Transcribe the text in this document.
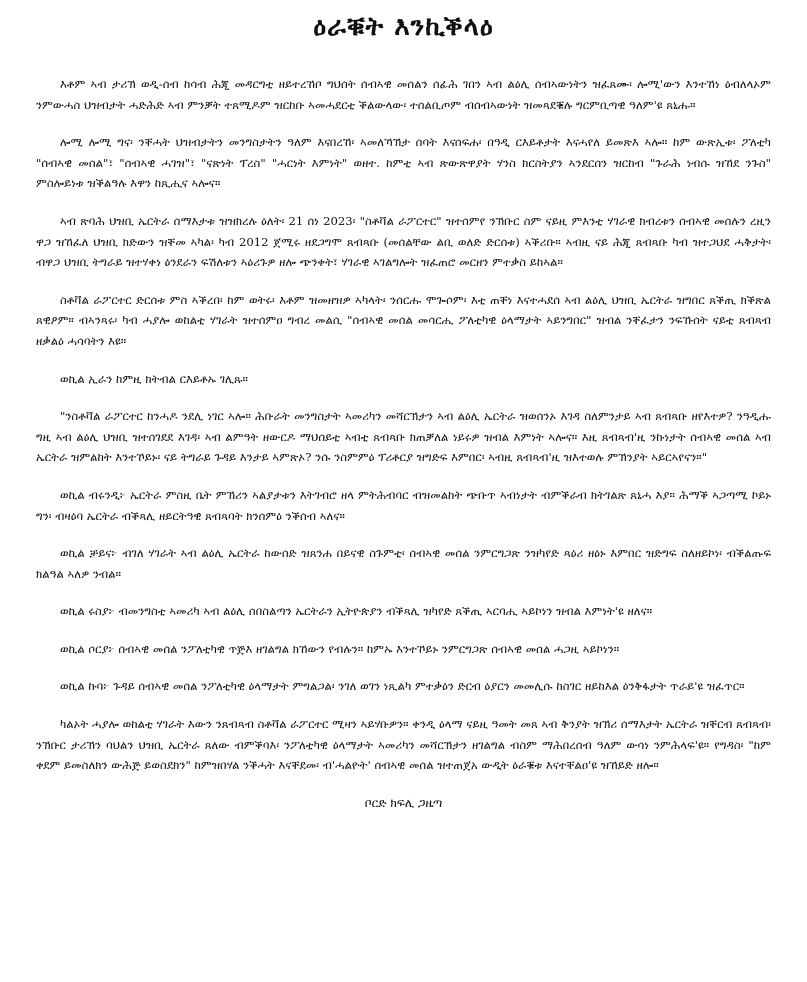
ዕራቑት እንኪቕላዕ

እቶም ኣብ ታሪኽ ወዲ-ሰብ ከሳብ ሕጂ መዳርግቲ ዘይተረኸቦ ግህሰት ሰብኣዊ መሰልን ሰፊሕ ገበን ኣብ ልዕሊ ሰብኣውነትን ዝፈጸሙ፡ ሎሚ'ውን እንተኸነ ዕብለላኦም ንምውሓስ ህዝብታት ሓድሕድ ኣብ ምንቓት ተጸሚዶም ዝርከቡ ኣመሓደርቲ ቕልውላው፡ ተሰልቢጦም ብሰብኣውነት ዝመጻደቑሉ ግርምቢጣዊ ዓለም'ዩ ጸኒሑ።

ሎሚ ሎሚ ግና፡ ንቐሓት ህዝብታትን መንግስታትን ዓለም እናበረኸ፡ ኣመለኻኽታ ሰባት እናሰፍሐ፡ በዓዲ ርእይቶታት እናሓየለ ይመጽእ ኣሎ። ከም ውጽኢቱ፡ ፖለቲካ "ሰብኣዊ መሰል"፣ "ሰብኣዊ ሓገዝ"፣ "ናጽነት ፕረስ" "ሓርነት እምነት" ወዘተ. ከምቲ ኣብ ጽውጽዋያት ሃንስ ክርስትያን ኣንደርሰን ዝርከብ "ጉራሕ ነብሱ ዝኸደ ንጉስ" ምስሎይነቱ ዝቕልዓሉ እዋን ከጺሒና ኣሎና።

ኣብ ጽባሕ ህዝቢ ኤርትራ ሰማእታቱ ዝዝክረሉ ዕለት፡ 21 ሰነ 2023፡ "ስቶቫል ራፖርተር" ዝተሰምየ ንኽቡር ስም ናይዚ ምእንቲ ሃገራዊ ክብረቱን ሰብኣዊ መሰሉን ረዚን ዋጋ ዝኸፈለ ህዝቢ ክድውን ዝቐመ ኣካል፡ ካብ 2012 ጀሚሩ ዘደጋግሞ ጸብጻቡ (መሰልቸው ልቢ ወለድ ድርሰቱ) ኣቕሪቡ። ኣብዚ ናይ ሕጂ ጸብጻቡ ካብ ዝተጋህደ ሓቅታት፡ ብዋጋ ህዝቢ ትግራይ ዝተሃቀነ ዕንደራን ፍሽለቱን ኣዕሪጉዎ ዘሎ ጭንቀት፣ ሃገራዊ ኣገልግሎት ዝፈጠሮ መርዘን ምተቃስ ይከኣል።

ስቶቫል ራፖርተር ድርሰቱ ምስ ኣቕረበ፡ ከም ወትሩ፡ እቶም ዝመዘዝዎ ኣካላት፡ ንሰርሑ ሞጐሶም፡ እቲ ጠቐነ እናተሓደሰ ኣብ ልዕሊ ህዝቢ ኤርትራ ዝግበር ጸቕጢ ክቕጽል ጸዊዖም። ብኣንጻሩ፡ ካብ ሓያሎ ወከልቲ ሃገራት ዝተሰምዐ ግብረ መልሲ "ሰብኣዊ መሰል መሳርሒ ፖለቲካዊ ዕላማታት ኣይንግበር" ዝብል ንቐፈታን ንፍኹሰት ናይቲ ጸብጻብ ዘቃልዕ ሓሳባትን እዩ።

ወኪል ኢራን ከምዚ ክትብል ርእይቶኡ ገሊጹ።

"ንስቶቫል ራፖርተር ከንሓዶ ንደሊ ነገር ኣሎ። ሕቡራት መንግስታት ኣመሪካን መሻርኽታን ኣብ ልዕሊ ኤርትራ ዝወሰንኦ እገዳ ስለምንታይ ኣብ ጸብጻቡ ዘየእተዎ? ንዓዲሑ ግዚ ኣብ ልዕሊ ህዝቢ ዝተሰገደደ እገዳ፡ ኣብ ልምዓት ዘውርዶ ማህሰይቲ ኣብቲ ጸብጻቡ ክጠቓለል ነይሩዎ ዝብል እምነት ኣሎና። እዚ ጸብጻብ'ዚ ንኩነታት ሰብኣዊ መሰል ኣብ ኤርትራ ዝምልከት እንተኾይኑ፡ ናይ ትግራይ ጉዳይ እንታይ ኣምጽኦ? ንሱ ንስምምዕ ፕሪቶርያ ዝግድፍ እምበር፡ ኣብዚ ጸብጻብ'ዚ ዝእተወሉ ምኽንያት ኣይርኣየናን።"

ወኪል ብሩንዲ፦ ኤርትራ ምስዚ ቤት ምኽሪን ኣልያታቱን እትገብሮ ዘላ ምትሕብባር ብዝመልከት ጭቡጥ ኣብነታት ብምቕራብ ክትገልጽ ጸኒሓ እያ። ሕማቕ ኣጋጣሚ ኮይኑ ግን፡ ብዛዕባ ኤርትራ ብቕጻሊ ዘይርትዓዊ ጸብጻባት ክንሰምዕ ንቕሰብ ኣለና።

ወኪል ቻይና፦ ብገለ ሃገራት ኣብ ልዕሊ ኤርትራ ከውሰድ ዝጸንሐ በይናዊ ስጉምቲ፡ ሰብኣዊ መሰል ንምርግጋጽ ንዝካየድ ጻዕሪ ዘዕኑ እምበር ዝድግፍ ስለዘይኮነ፡ ብቕልጡፍ ክልዓል ኣለዎ ንብል።

ወኪል ሩስያ፦ ብመንግስቲ ኣመሪካ ኣብ ልዕሊ ሰበስልጣን ኤርትራን ኢትዮጵያን ብቕጻሊ ዝካየድ ጸቕጢ ኣርባሒ ኣይኮነን ዝብል እምነት'ዩ ዘለና።

ወኪል ሶርያ፦ ሰብኣዊ መሰል ንፖለቲካዊ ጥጅእ ዘገልግል ክኸውን የብሉን። ከምኡ እንተኾይኑ ንምርግጋጽ ሰብኣዊ መሰል ሓጋዚ ኣይኮነን።

ወኪል ኩባ፦ ጉዳይ ሰብኣዊ መሰል ንፖለቲካዊ ዕላማታት ምግልጋል፡ ንገለ ወገን ነጺልካ ምተቃዕን ድርብ ዕያርን መመሊሱ ከስገር ዘይከእል ዕንቅፋታት ጥራይ'ዩ ዝፈጥር።

ካልኦት ሓያሎ ወከልቲ ሃገራት እውን ንጸብጻብ ስቶቫል ራፖርተር ሚዛን ኣይሃቡዎን። ቀንዲ ዕላማ ናይዚ ዓመት መጸ ኣብ ቅንያት ዝኽሪ ሰማእታት ኤርትራ ዝቐርብ ጸብጻብ፡ ንኽቡር ታሪኽን ባህልን ህዝቢ ኤርትራ ጸለው ብምቕባእ፡ ንፖለቲካዊ ዕላማታት ኣመሪካን መሻርኽታን ዘገልግል ብስም ማሕበረሰብ ዓለም ውሳነ ንምሕላፍ'ዩ። የግዳስ፡ "ከም ቀደም ይመስለክን ውሕጅ ይወስደክን" ከምዝበሃል ንቕሓት እናቐደመ፡ ብ'ሓልዮት' ሰብኣዊ መሰል ዝተጠጀአ ውዲት ዕራቑቱ እናተቐልዐ'ዩ ዝኸይድ ዘሎ።

ቦርድ ክፍሊ ጋዜጣ
